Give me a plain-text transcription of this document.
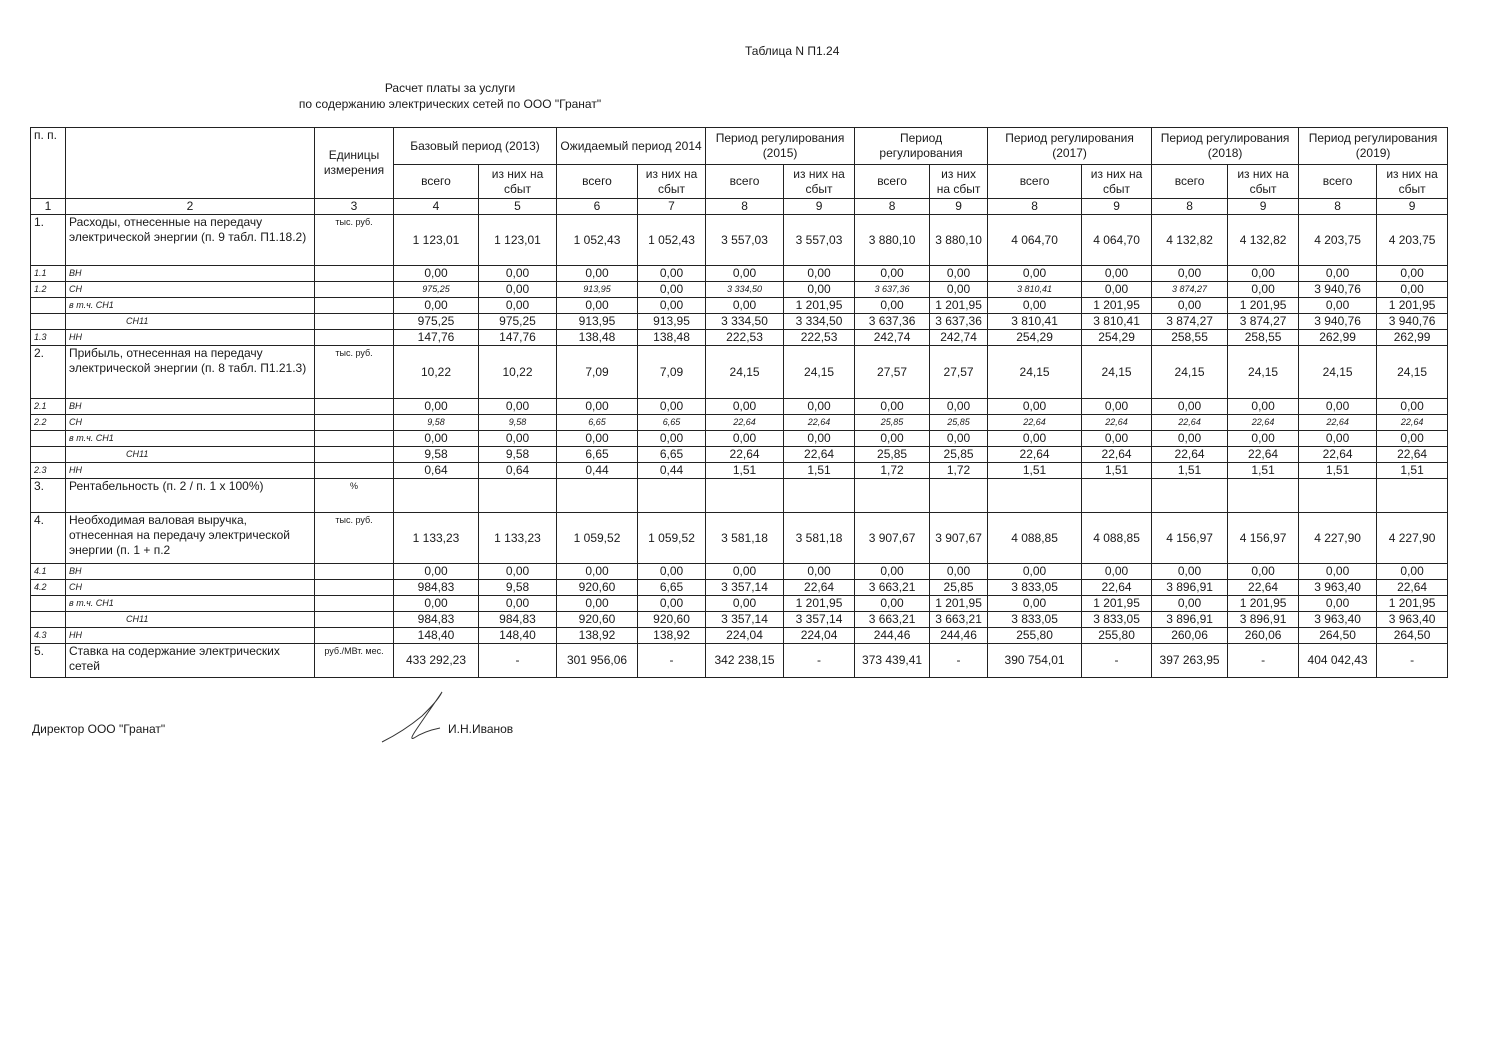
Таблица N П1.24
Расчет платы за услуги
по содержанию электрических сетей по ООО "Гранат"
п. п.		Единицы измерения	Базовый период (2013)		Ожидаемый период 2014		Период регулирования (2015)		Период регулирования		Период регулирования (2017)		Период регулирования (2018)		Период регулирования (2019)	
			всего	из них на сбыт	всего	из них на сбыт	всего	из них на сбыт	всего	из них на сбыт	всего	из них на сбыт	всего	из них на сбыт	всего	из них на сбыт
1	2	3	4	5	6	7	8	9	8	9	8	9	8	9	8	9
1.	Расходы, отнесенные на передачу электрической энергии (п. 9 табл. П1.18.2)	тыс. руб.	1 123,01	1 123,01	1 052,43	1 052,43	3 557,03	3 557,03	3 880,10	3 880,10	4 064,70	4 064,70	4 132,82	4 132,82	4 203,75	4 203,75
1.1	ВН		0,00	0,00	0,00	0,00	0,00	0,00	0,00	0,00	0,00	0,00	0,00	0,00	0,00	0,00
1.2	СН		975,25	0,00	913,95	0,00	3 334,50	0,00	3 637,36	0,00	3 810,41	0,00	3 874,27	0,00	3 940,76	0,00
	в т.ч. СН1		0,00	0,00	0,00	0,00	0,00	1 201,95	0,00	1 201,95	0,00	1 201,95	0,00	1 201,95	0,00	1 201,95
	СН11		975,25	975,25	913,95	913,95	3 334,50	3 334,50	3 637,36	3 637,36	3 810,41	3 810,41	3 874,27	3 874,27	3 940,76	3 940,76
1.3	НН		147,76	147,76	138,48	138,48	222,53	222,53	242,74	242,74	254,29	254,29	258,55	258,55	262,99	262,99
2.	Прибыль, отнесенная на передачу электрической энергии (п. 8 табл. П1.21.3)	тыс. руб.	10,22	10,22	7,09	7,09	24,15	24,15	27,57	27,57	24,15	24,15	24,15	24,15	24,15	24,15
2.1	ВН		0,00	0,00	0,00	0,00	0,00	0,00	0,00	0,00	0,00	0,00	0,00	0,00	0,00	0,00
2.2	СН		9,58	9,58	6,65	6,65	22,64	22,64	25,85	25,85	22,64	22,64	22,64	22,64	22,64	22,64
	в т.ч. СН1		0,00	0,00	0,00	0,00	0,00	0,00	0,00	0,00	0,00	0,00	0,00	0,00	0,00	0,00
	СН11		9,58	9,58	6,65	6,65	22,64	22,64	25,85	25,85	22,64	22,64	22,64	22,64	22,64	22,64
2.3	НН		0,64	0,64	0,44	0,44	1,51	1,51	1,72	1,72	1,51	1,51	1,51	1,51	1,51	1,51
3.	Рентабельность (п. 2 / п. 1 х 100%)	%														
4.	Необходимая валовая выручка, отнесенная на передачу электрической энергии (п. 1 + п.2	тыс. руб.	1 133,23	1 133,23	1 059,52	1 059,52	3 581,18	3 581,18	3 907,67	3 907,67	4 088,85	4 088,85	4 156,97	4 156,97	4 227,90	4 227,90
4.1	ВН		0,00	0,00	0,00	0,00	0,00	0,00	0,00	0,00	0,00	0,00	0,00	0,00	0,00	0,00
4.2	СН		984,83	9,58	920,60	6,65	3 357,14	22,64	3 663,21	25,85	3 833,05	22,64	3 896,91	22,64	3 963,40	22,64
	в т.ч. СН1		0,00	0,00	0,00	0,00	0,00	1 201,95	0,00	1 201,95	0,00	1 201,95	0,00	1 201,95	0,00	1 201,95
	СН11		984,83	984,83	920,60	920,60	3 357,14	3 357,14	3 663,21	3 663,21	3 833,05	3 833,05	3 896,91	3 896,91	3 963,40	3 963,40
4.3	НН		148,40	148,40	138,92	138,92	224,04	224,04	244,46	244,46	255,80	255,80	260,06	260,06	264,50	264,50
5.	Ставка на содержание электрических сетей	руб./МВт. мес.	433 292,23	-	301 956,06	-	342 238,15	-	373 439,41	-	390 754,01	-	397 263,95	-	404 042,43	-
Директор ООО "Гранат"	И.Н.Иванов
